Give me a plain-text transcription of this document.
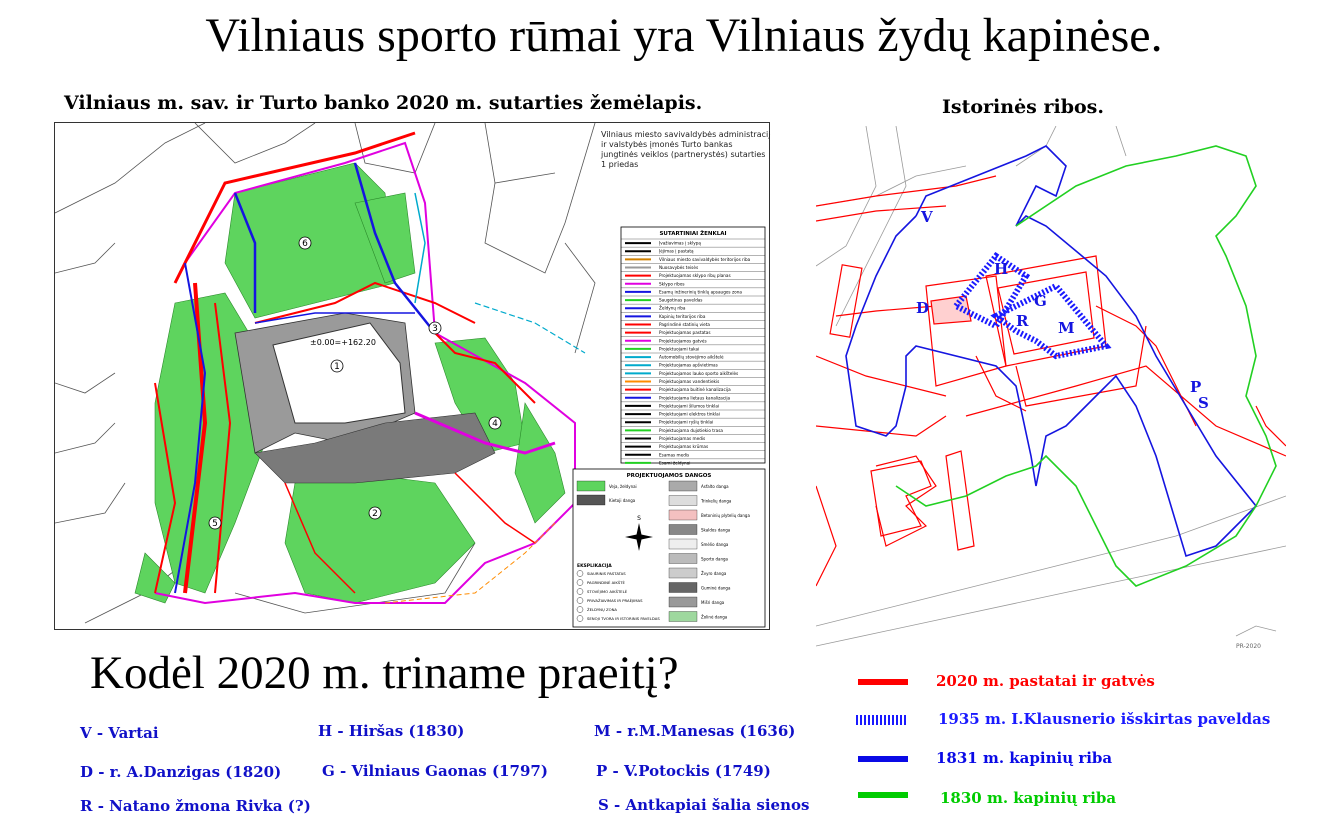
Vilniaus sporto rūmai yra Vilniaus žydų kapinėse.
Vilniaus m. sav. ir Turto banko 2020 m. sutarties žemėlapis.	Istorinės ribos.
±0.00=+162.20
1
2
3
4
5
6
Vilniaus miesto savivaldybės administracijos
ir valstybės įmonės Turto bankas
jungtinės veiklos (partnerystės) sutarties
1 priedas
SUTARTINIAI ŽENKLAI
Įvažiavimas į sklypą
Įėjimas į pastatą
Vilniaus miesto savivaldybės teritorijos riba
Nuosavybės teisės
Projektuojamas sklypo ribų planas
Sklypo ribos
Esamų inžinerinių tinklų apsaugos zona
Saugotinas paveldas
Želdynų riba
Kapinių teritorijos riba
Pagrindinė statinių vieta
Projektuojamas pastatas
Projektuojamos gatvės
Projektuojami takai
Automobilių stovėjimo aikštelė
Projektuojamas apšvietimas
Projektuojamos lauko sporto aikštelės
Projektuojamas vandentiekis
Projektuojama buitinė kanalizacija
Projektuojama lietaus kanalizacija
Projektuojami šilumos tinklai
Projektuojami elektros tinklai
Projektuojami ryšių tinklai
Projektuojama dujotiekio trasa
Projektuojamas medis
Projektuojamas krūmas
Esamas medis
Esami želdynai
PROJEKTUOJAMOS DANGOS
Veja, želdynai
Kietoji danga
Asfalto danga
Trinkelių danga
Betoninių plytelių danga
Skaldos danga
Smėlio danga
Sporto danga
Žvyro danga
Guminė danga
Mišri danga
Žolinė danga
EKSPLIKACIJA
SIAURINIS PASTATAS
PAGRINDINĖ AIKŠTĖ
STOVĖJIMO AIKŠTELĖ
PRIVAŽIAVIMAS IR PRAĖJIMAS
ŽELDYNŲ ZONA
SENOJI TVORA IR ISTORINIS PAVELDAS
S
V
H
D	G
R M
P
S
PR-2020
Kodėl 2020 m. triname praeitį?
V - Vartai	H - Hiršas (1830)	M - r.M.Manesas (1636)
D - r. A.Danzigas (1820)	G - Vilniaus Gaonas (1797)	P - V.Potockis (1749)
R - Natano žmona Rivka (?)	S - Antkapiai šalia sienos
2020 m. pastatai ir gatvės
1935 m. I.Klausnerio išskirtas paveldas
1831 m. kapinių riba
1830 m. kapinių riba
